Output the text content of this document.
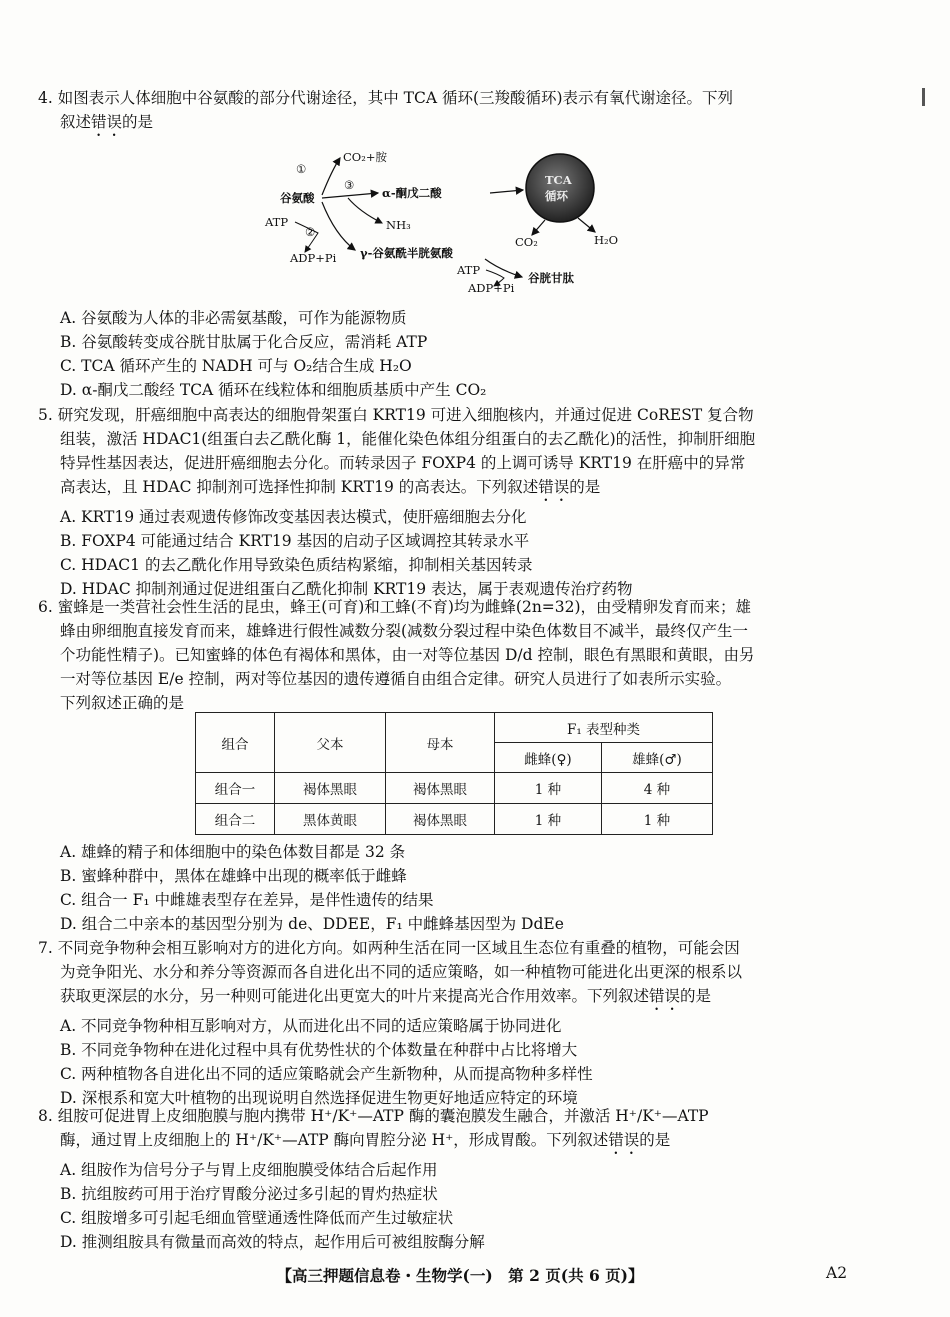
4. 如图表示人体细胞中谷氨酸的部分代谢途径，其中 TCA 循环(三羧酸循环)表示有氧代谢途径。下列
叙述错误的是

①
③
②
CO₂+胺
谷氨酸	α-酮戊二酸
NH₃
ATP
ADP+Pi γ-谷氨酰半胱氨酸
ATP
ADP+Pi
谷胱甘肽
TCA
循环
CO₂	H₂O

A. 谷氨酸为人体的非必需氨基酸，可作为能源物质

B. 谷氨酸转变成谷胱甘肽属于化合反应，需消耗 ATP

C. TCA 循环产生的 NADH 可与 O₂结合生成 H₂O

D. α-酮戊二酸经 TCA 循环在线粒体和细胞质基质中产生 CO₂

5. 研究发现，肝癌细胞中高表达的细胞骨架蛋白 KRT19 可进入细胞核内，并通过促进 CoREST 复合物
组装，激活 HDAC1(组蛋白去乙酰化酶 1，能催化染色体组分组蛋白的去乙酰化)的活性，抑制肝细胞
特异性基因表达，促进肝癌细胞去分化。而转录因子 FOXP4 的上调可诱导 KRT19 在肝癌中的异常
高表达，且 HDAC 抑制剂可选择性抑制 KRT19 的高表达。下列叙述错误的是

A. KRT19 通过表观遗传修饰改变基因表达模式，使肝癌细胞去分化

B. FOXP4 可能通过结合 KRT19 基因的启动子区域调控其转录水平

C. HDAC1 的去乙酰化作用导致染色质结构紧缩，抑制相关基因转录

D. HDAC 抑制剂通过促进组蛋白乙酰化抑制 KRT19 表达，属于表观遗传治疗药物

6. 蜜蜂是一类营社会性生活的昆虫，蜂王(可育)和工蜂(不育)均为雌蜂(2n=32)，由受精卵发育而来；雄
蜂由卵细胞直接发育而来，雄蜂进行假性减数分裂(减数分裂过程中染色体数目不减半，最终仅产生一
个功能性精子)。已知蜜蜂的体色有褐体和黑体，由一对等位基因 D/d 控制，眼色有黑眼和黄眼，由另
一对等位基因 E/e 控制，两对等位基因的遗传遵循自由组合定律。研究人员进行了如表所示实验。
下列叙述正确的是

组合	父本	母本	F₁ 表型种类	
			雌蜂(♀)	雄蜂(♂)
组合一	褐体黑眼	褐体黑眼	1 种	4 种
组合二	黑体黄眼	褐体黑眼	1 种	1 种

A. 雄蜂的精子和体细胞中的染色体数目都是 32 条

B. 蜜蜂种群中，黑体在雄蜂中出现的概率低于雌蜂

C. 组合一 F₁ 中雌雄表型存在差异，是伴性遗传的结果

D. 组合二中亲本的基因型分别为 de、DDEE，F₁ 中雌蜂基因型为 DdEe

7. 不同竞争物种会相互影响对方的进化方向。如两种生活在同一区域且生态位有重叠的植物，可能会因
为竞争阳光、水分和养分等资源而各自进化出不同的适应策略，如一种植物可能进化出更深的根系以
获取更深层的水分，另一种则可能进化出更宽大的叶片来提高光合作用效率。下列叙述错误的是

A. 不同竞争物种相互影响对方，从而进化出不同的适应策略属于协同进化

B. 不同竞争物种在进化过程中具有优势性状的个体数量在种群中占比将增大

C. 两种植物各自进化出不同的适应策略就会产生新物种，从而提高物种多样性

D. 深根系和宽大叶植物的出现说明自然选择促进生物更好地适应特定的环境

8. 组胺可促进胃上皮细胞膜与胞内携带 H⁺/K⁺—ATP 酶的囊泡膜发生融合，并激活 H⁺/K⁺—ATP
酶，通过胃上皮细胞上的 H⁺/K⁺—ATP 酶向胃腔分泌 H⁺，形成胃酸。下列叙述错误的是

A. 组胺作为信号分子与胃上皮细胞膜受体结合后起作用

B. 抗组胺药可用于治疗胃酸分泌过多引起的胃灼热症状

C. 组胺增多可引起毛细血管壁通透性降低而产生过敏症状

D. 推测组胺具有微量而高效的特点，起作用后可被组胺酶分解

【高三押题信息卷・生物学(一)　第 2 页(共 6 页)】	A2
